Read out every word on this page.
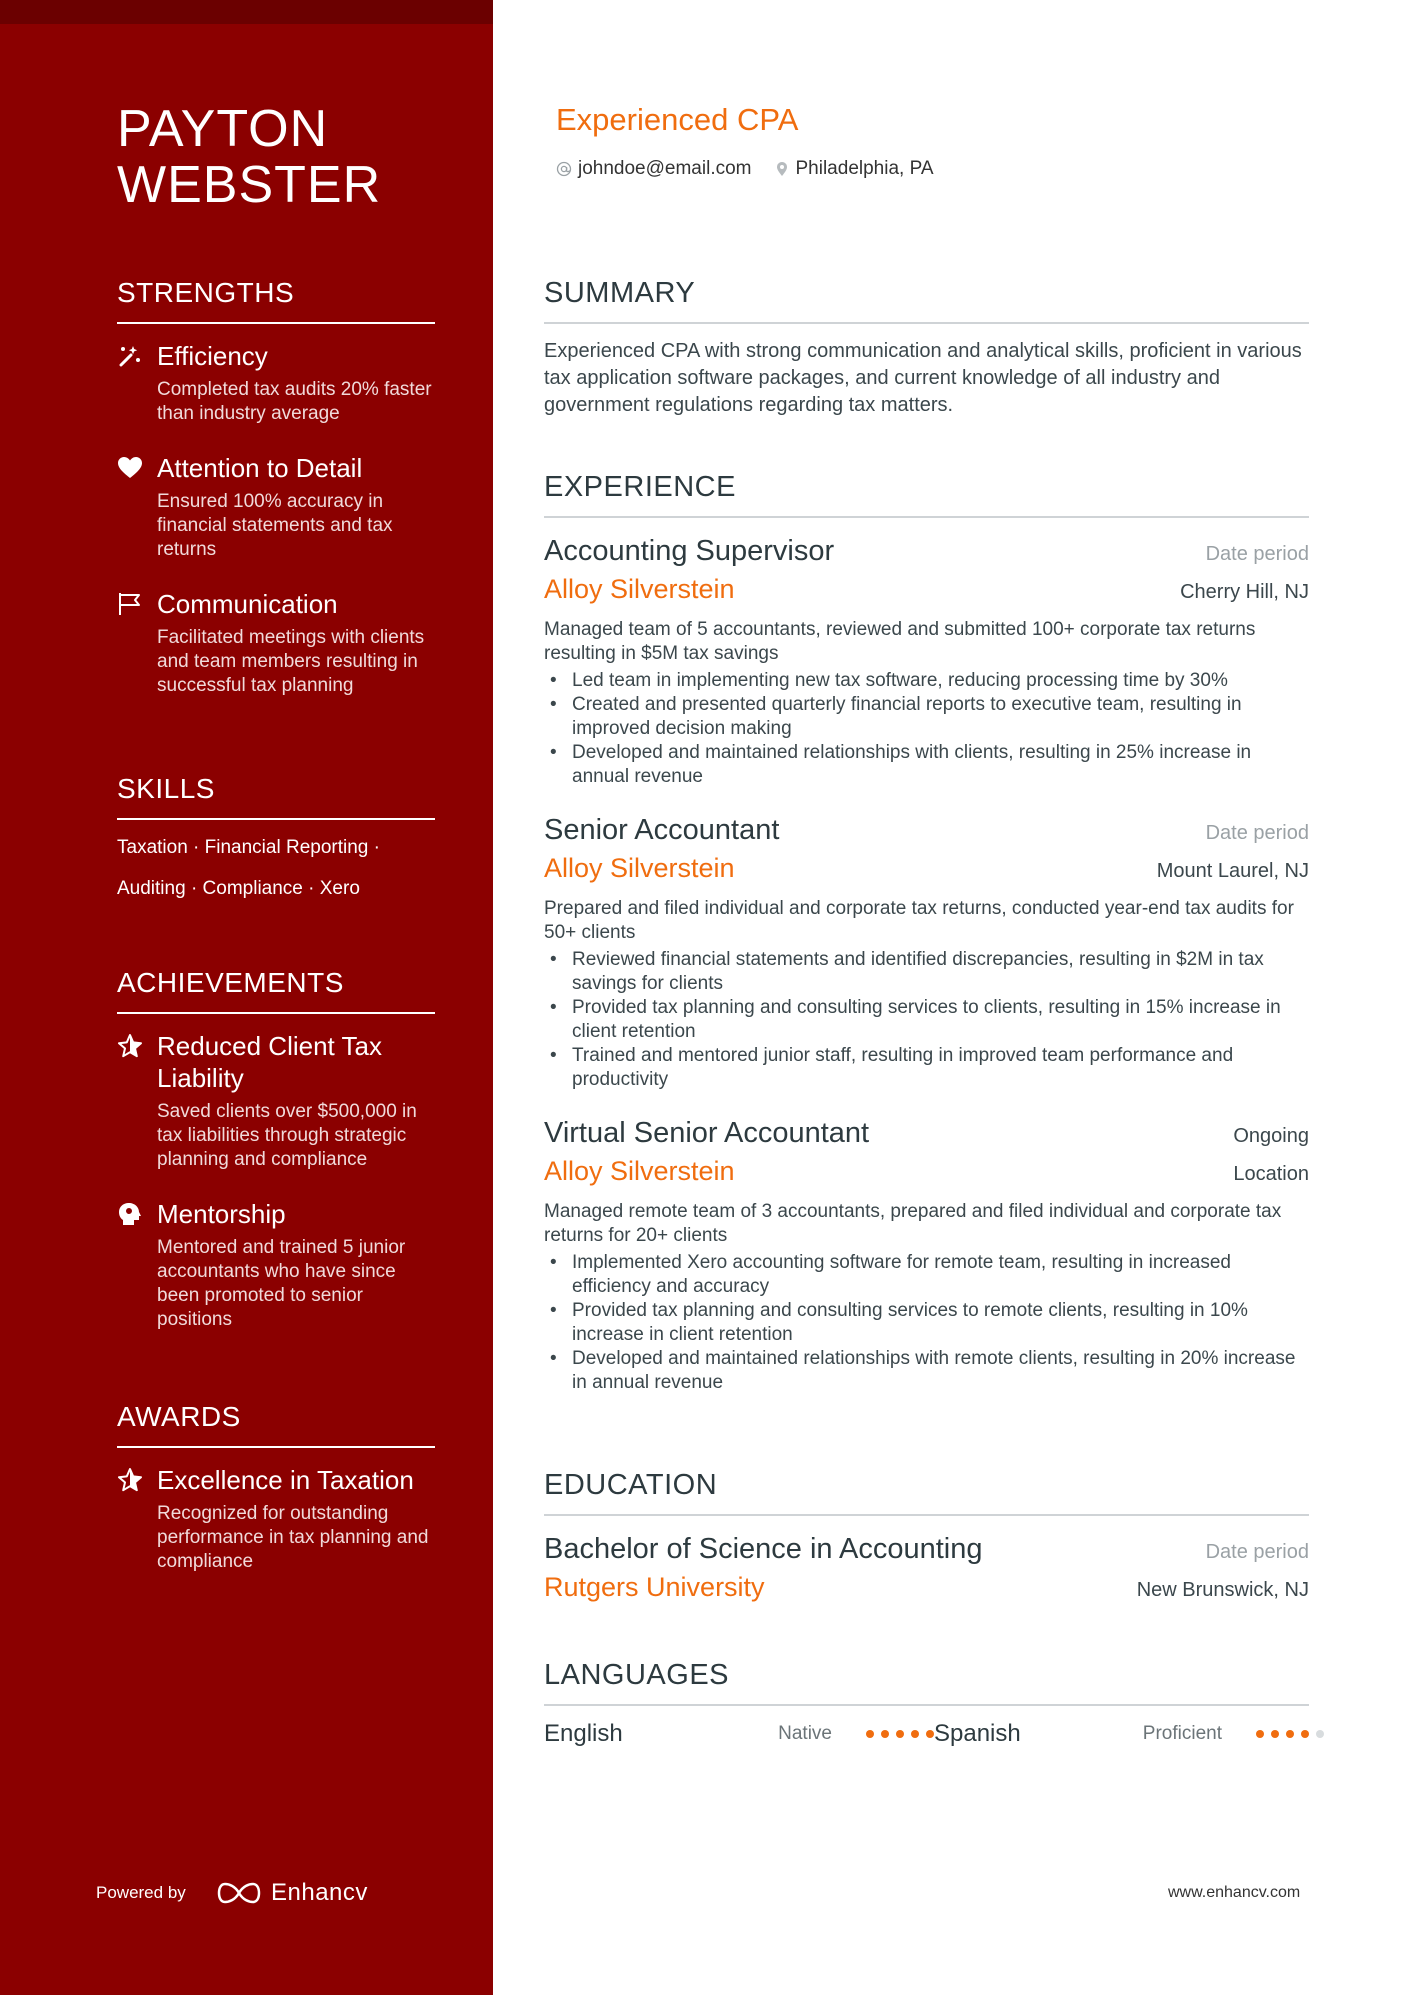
PAYTON
WEBSTER
STRENGTHS
Efficiency
Completed tax audits 20% faster than industry average
Attention to Detail
Ensured 100% accuracy in financial statements and tax returns
Communication
Facilitated meetings with clients and team members resulting in successful tax planning
SKILLS
Taxation · Financial Reporting ·
Auditing · Compliance · Xero
ACHIEVEMENTS
Reduced Client Tax Liability
Saved clients over $500,000 in tax liabilities through strategic planning and compliance
Mentorship
Mentored and trained 5 junior accountants who have since been promoted to senior positions
AWARDS
Excellence in Taxation
Recognized for outstanding performance in tax planning and compliance
Powered by	Enhancv
Experienced CPA
johndoe@email.com Philadelphia, PA
SUMMARY
Experienced CPA with strong communication and analytical skills, proficient in various tax application software packages, and current knowledge of all industry and government regulations regarding tax matters.
EXPERIENCE
Accounting Supervisor	Date period
Alloy Silverstein	Cherry Hill, NJ
Managed team of 5 accountants, reviewed and submitted 100+ corporate tax returns resulting in $5M tax savings
• Led team in implementing new tax software, reducing processing time by 30%
• Created and presented quarterly financial reports to executive team, resulting in improved decision making
• Developed and maintained relationships with clients, resulting in 25% increase in annual revenue
Senior Accountant	Date period
Alloy Silverstein	Mount Laurel, NJ
Prepared and filed individual and corporate tax returns, conducted year-end tax audits for 50+ clients
• Reviewed financial statements and identified discrepancies, resulting in $2M in tax savings for clients
• Provided tax planning and consulting services to clients, resulting in 15% increase in client retention
• Trained and mentored junior staff, resulting in improved team performance and productivity
Virtual Senior Accountant	Ongoing
Alloy Silverstein	Location
Managed remote team of 3 accountants, prepared and filed individual and corporate tax returns for 20+ clients
• Implemented Xero accounting software for remote team, resulting in increased efficiency and accuracy
• Provided tax planning and consulting services to remote clients, resulting in 10% increase in client retention
• Developed and maintained relationships with remote clients, resulting in 20% increase in annual revenue
EDUCATION
Bachelor of Science in Accounting	Date period
Rutgers University	New Brunswick, NJ
LANGUAGES
English	Native	Spanish	Proficient
www.enhancv.com
